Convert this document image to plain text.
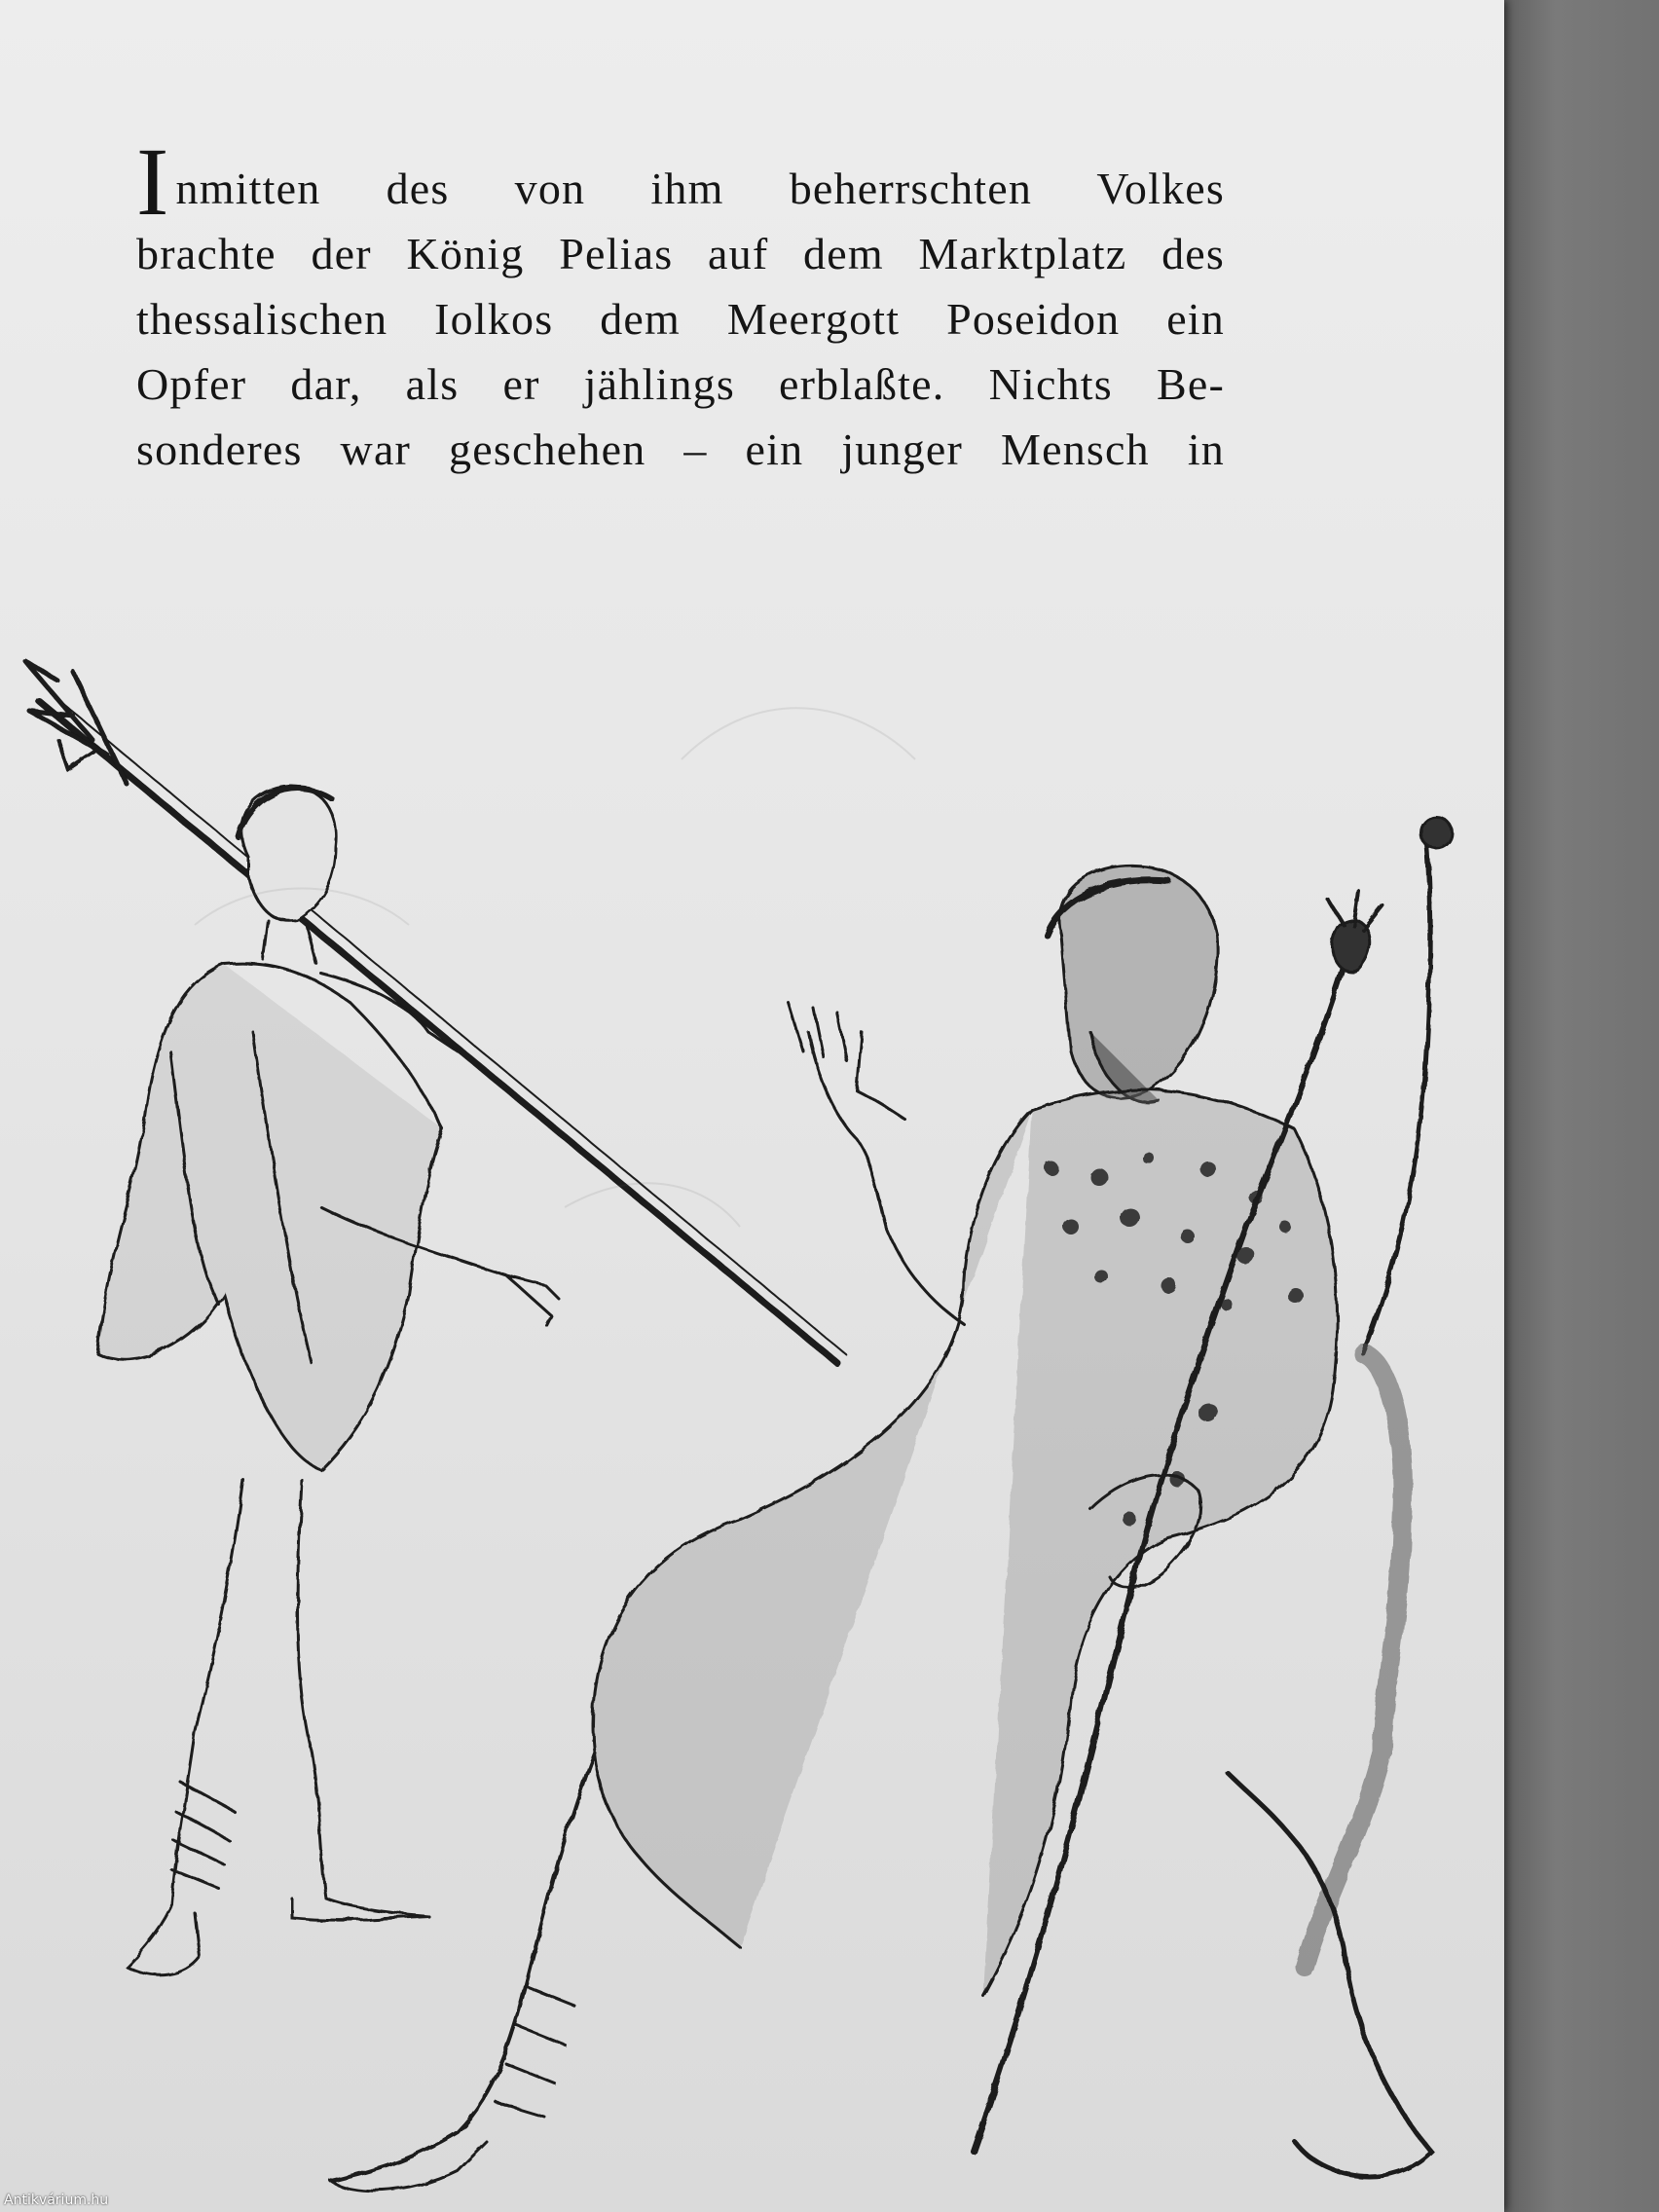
I nmitten des von ihm beherrschten Volkes
brachte der König Pelias auf dem Marktplatz des
thessalischen Iolkos dem Meergott Poseidon ein
Opfer dar, als er jählings erblaßte. Nichts Be-
sonderes war geschehen – ein junger Mensch in
Antikvárium.hu
